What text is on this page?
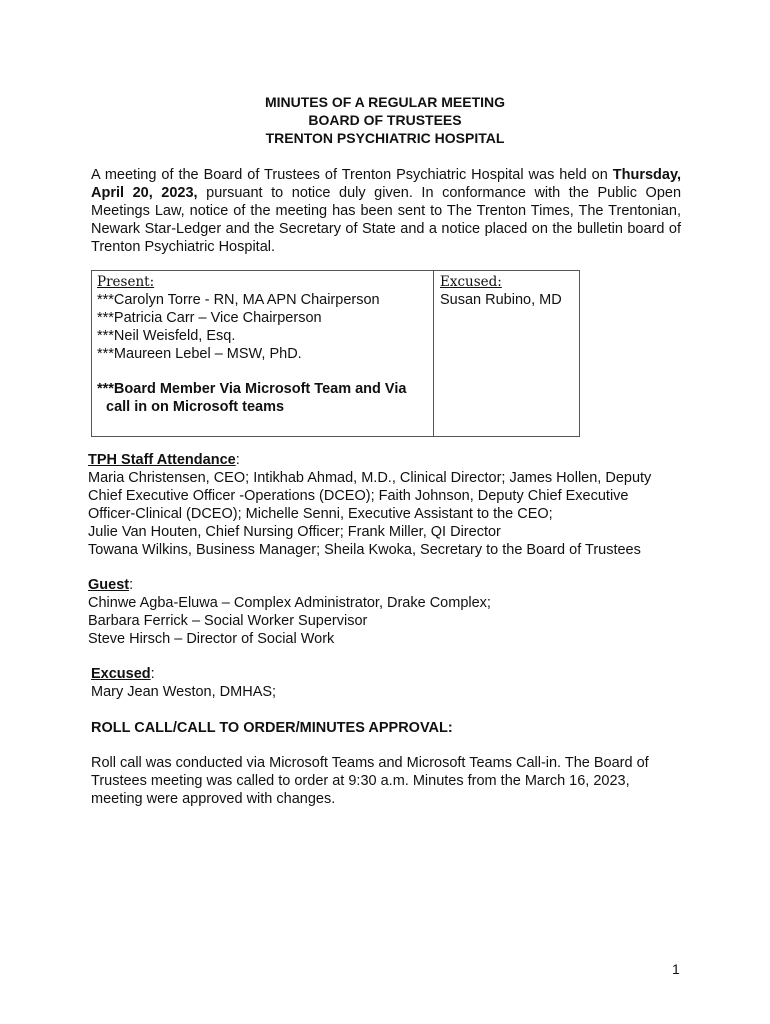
MINUTES OF A REGULAR MEETING
BOARD OF TRUSTEES
TRENTON PSYCHIATRIC HOSPITAL
A meeting of the Board of Trustees of Trenton Psychiatric Hospital was held on Thursday, April 20, 2023, pursuant to notice duly given. In conformance with the Public Open Meetings Law, notice of the meeting has been sent to The Trenton Times, The Trentonian, Newark Star-Ledger and the Secretary of State and a notice placed on the bulletin board of Trenton Psychiatric Hospital.
Present:
***Carolyn Torre - RN, MA APN Chairperson
***Patricia Carr – Vice Chairperson
***Neil Weisfeld, Esq.
***Maureen Lebel – MSW, PhD.
***Board Member Via Microsoft Team and Via
call in on Microsoft teams
Excused:
Susan Rubino, MD
TPH Staff Attendance:
Maria Christensen, CEO; Intikhab Ahmad, M.D., Clinical Director; James Hollen, Deputy
Chief Executive Officer -Operations (DCEO); Faith Johnson, Deputy Chief Executive
Officer-Clinical (DCEO); Michelle Senni, Executive Assistant to the CEO;
Julie Van Houten, Chief Nursing Officer; Frank Miller, QI Director
Towana Wilkins, Business Manager; Sheila Kwoka, Secretary to the Board of Trustees
Guest:
Chinwe Agba-Eluwa – Complex Administrator, Drake Complex;
Barbara Ferrick – Social Worker Supervisor
Steve Hirsch – Director of Social Work
Excused:
Mary Jean Weston, DMHAS;
ROLL CALL/CALL TO ORDER/MINUTES APPROVAL:
Roll call was conducted via Microsoft Teams and Microsoft Teams Call-in. The Board of Trustees meeting was called to order at 9:30 a.m. Minutes from the March 16, 2023, meeting were approved with changes.
1
